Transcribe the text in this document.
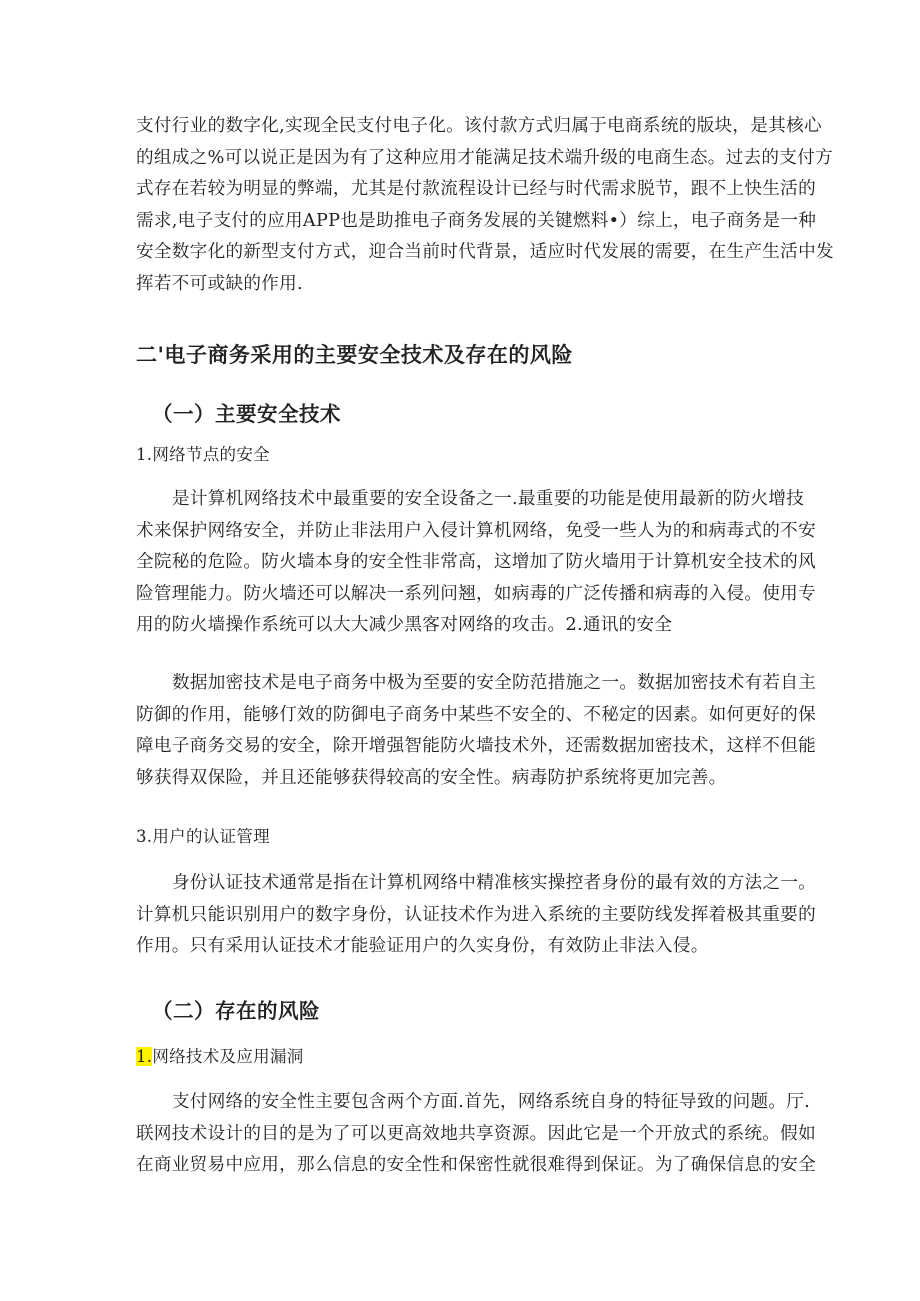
支付行业的数字化,实现全民支付电子化。该付款方式归属于电商系统的版块，是其核心
的组成之%可以说正是因为有了这种应用才能满足技术端升级的电商生态。过去的支付方
式存在若较为明显的弊端，尤其是付款流程设计已经与时代需求脱节，跟不上快生活的
需求,电子支付的应用APP也是助推电子商务发展的关键燃料•）综上，电子商务是一种
安全数字化的新型支付方式，迎合当前时代背景，适应时代发展的需要，在生产生活中发
挥若不可或缺的作用.
二'电子商务采用的主要安全技术及存在的风险
（一）主要安全技术
1.网络节点的安全
是计算机网络技术中最重要的安全设备之一.最重要的功能是使用最新的防火增技
术来保护网络安全，并防止非法用户入侵计算机网络，免受一些人为的和病毒式的不安
全院秘的危险。防火墙本身的安全性非常高，这增加了防火墙用于计算机安全技术的风
险管理能力。防火墙还可以解决一系列问翘，如病毒的广泛传播和病毒的入侵。使用专
用的防火墙操作系统可以大大减少黑客对网络的攻击。2.通讯的安全
数据加密技术是电子商务中极为至要的安全防范措施之一。数据加密技术有若自主
防御的作用，能够仃效的防御电子商务中某些不安全的、不秘定的因素。如何更好的保
障电子商务交易的安全，除开增强智能防火墙技术外，还需数据加密技术，这样不但能
够获得双保险，并且还能够获得较高的安全性。病毒防护系统将更加完善。
3.用户的认证管理
身份认证技术通常是指在计算机网络中精准核实操控者身份的最有效的方法之一。
计算机只能识别用户的数字身份，认证技术作为进入系统的主要防线发挥着极其重要的
作用。只有采用认证技术才能验证用户的久实身份，有效防止非法入侵。
（二）存在的风险
1.网络技术及应用漏洞
支付网络的安全性主要包含两个方面.首先，网络系统自身的特征导致的问题。厅.
联网技术设计的目的是为了可以更高效地共享资源。因此它是一个开放式的系统。假如
在商业贸易中应用，那么信息的安全性和保密性就很难得到保证。为了确保信息的安全
